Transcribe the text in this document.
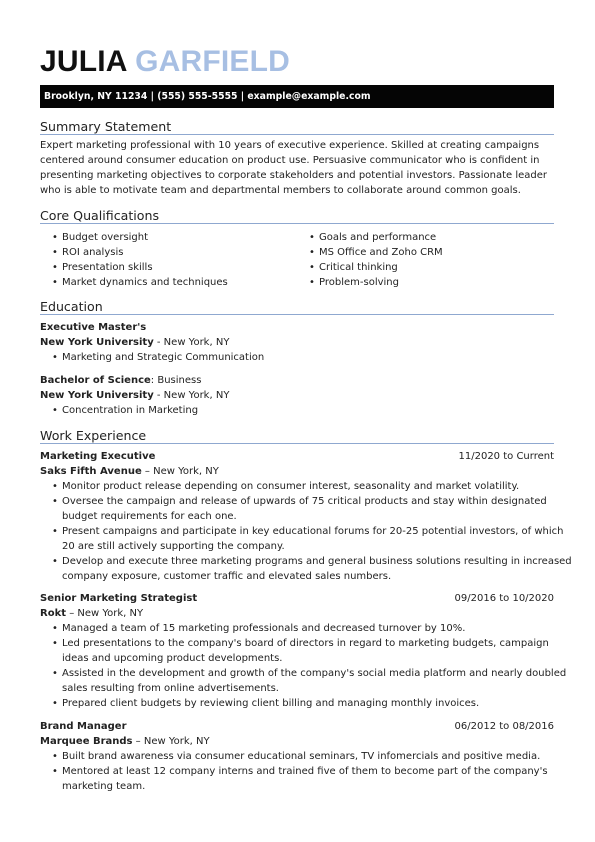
JULIA GARFIELD
Brooklyn, NY 11234 | (555) 555-5555 | example@example.com
Summary Statement
Expert marketing professional with 10 years of executive experience. Skilled at creating campaigns centered around consumer education on product use. Persuasive communicator who is confident in presenting marketing objectives to corporate stakeholders and potential investors. Passionate leader who is able to motivate team and departmental members to collaborate around common goals.
Core Qualifications
• Budget oversight
• ROI analysis
• Presentation skills
• Market dynamics and techniques
• Goals and performance
• MS Office and Zoho CRM
• Critical thinking
• Problem-solving
Education
Executive Master's
New York University - New York, NY
• Marketing and Strategic Communication
Bachelor of Science: Business
New York University - New York, NY
• Concentration in Marketing
Work Experience
Marketing Executive	11/2020 to Current
Saks Fifth Avenue – New York, NY
• Monitor product release depending on consumer interest, seasonality and market volatility.
• Oversee the campaign and release of upwards of 75 critical products and stay within designated
budget requirements for each one.
• Present campaigns and participate in key educational forums for 20-25 potential investors, of which
20 are still actively supporting the company.
• Develop and execute three marketing programs and general business solutions resulting in increased
company exposure, customer traffic and elevated sales numbers.
Senior Marketing Strategist	09/2016 to 10/2020
Rokt – New York, NY
• Managed a team of 15 marketing professionals and decreased turnover by 10%.
• Led presentations to the company's board of directors in regard to marketing budgets, campaign
ideas and upcoming product developments.
• Assisted in the development and growth of the company's social media platform and nearly doubled
sales resulting from online advertisements.
• Prepared client budgets by reviewing client billing and managing monthly invoices.
Brand Manager	06/2012 to 08/2016
Marquee Brands – New York, NY
• Built brand awareness via consumer educational seminars, TV infomercials and positive media.
• Mentored at least 12 company interns and trained five of them to become part of the company's
marketing team.
